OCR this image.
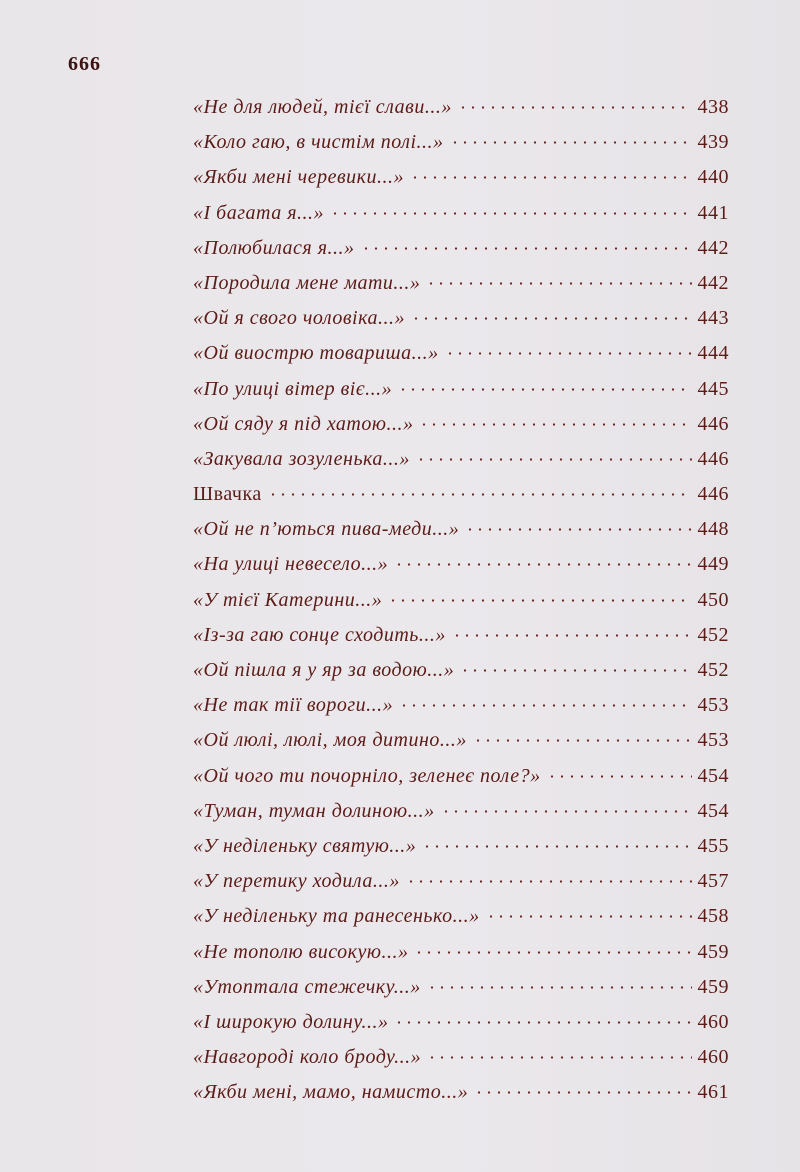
666
«Не для людей, тієї слави...»	438
«Коло гаю, в чистім полі...»	439
«Якби мені черевики...»	440
«І багата я...»	441
«Полюбилася я...»	442
«Породила мене мати...»	442
«Ой я свого чоловіка...»	443
«Ой виострю товариша...»	444
«По улиці вітер віє...»	445
«Ой сяду я під хатою...»	446
«Закувала зозуленька...»	446
Швачка	446
«Ой не п’ються пива-меди...»	448
«На улиці невесело...»	449
«У тієї Катерини...»	450
«Із-за гаю сонце сходить...»	452
«Ой пішла я у яр за водою...»	452
«Не так тії вороги...»	453
«Ой люлі, люлі, моя дитино...»	453
«Ой чого ти почорніло, зеленеє поле?»	454
«Туман, туман долиною...»	454
«У неділеньку святую...»	455
«У перетику ходила...»	457
«У неділеньку та ранесенько...»	458
«Не тополю високую...»	459
«Утоптала стежечку...»	459
«І широкую долину...»	460
«Навгороді коло броду...»	460
«Якби мені, мамо, намисто...»	461
